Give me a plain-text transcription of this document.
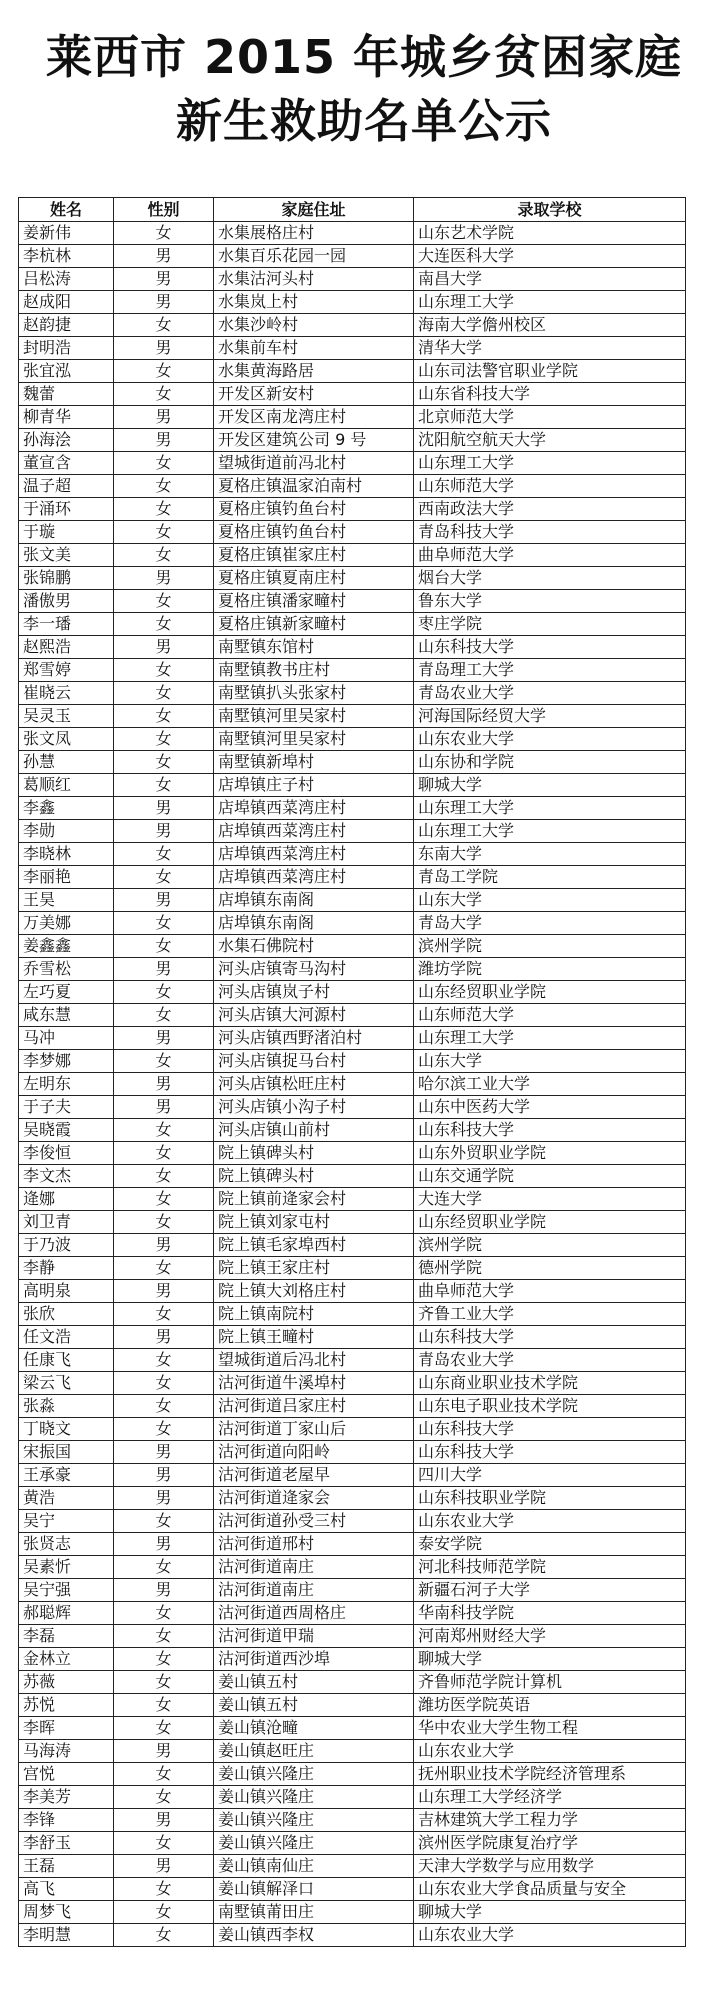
莱西市 2015 年城乡贫困家庭
新生救助名单公示
姓名	性别	家庭住址	录取学校
姜新伟	女	水集展格庄村	山东艺术学院
李杭林	男	水集百乐花园一园	大连医科大学
吕松涛	男	水集沽河头村	南昌大学
赵成阳	男	水集岚上村	山东理工大学
赵韵捷	女	水集沙岭村	海南大学儋州校区
封明浩	男	水集前车村	清华大学
张宜泓	女	水集黄海路居	山东司法警官职业学院
魏蕾	女	开发区新安村	山东省科技大学
柳青华	男	开发区南龙湾庄村	北京师范大学
孙海浍	男	开发区建筑公司 9 号	沈阳航空航天大学
董宣含	女	望城街道前冯北村	山东理工大学
温子超	女	夏格庄镇温家泊南村	山东师范大学
于涌环	女	夏格庄镇钓鱼台村	西南政法大学
于璇	女	夏格庄镇钓鱼台村	青岛科技大学
张文美	女	夏格庄镇崔家庄村	曲阜师范大学
张锦鹏	男	夏格庄镇夏南庄村	烟台大学
潘傲男	女	夏格庄镇潘家疃村	鲁东大学
李一璠	女	夏格庄镇新家疃村	枣庄学院
赵熙浩	男	南墅镇东馆村	山东科技大学
郑雪婷	女	南墅镇教书庄村	青岛理工大学
崔晓云	女	南墅镇扒头张家村	青岛农业大学
吴灵玉	女	南墅镇河里吴家村	河海国际经贸大学
张文凤	女	南墅镇河里吴家村	山东农业大学
孙慧	女	南墅镇新埠村	山东协和学院
葛顺红	女	店埠镇庄子村	聊城大学
李鑫	男	店埠镇西菜湾庄村	山东理工大学
李勋	男	店埠镇西菜湾庄村	山东理工大学
李晓林	女	店埠镇西菜湾庄村	东南大学
李丽艳	女	店埠镇西菜湾庄村	青岛工学院
王昊	男	店埠镇东南阁	山东大学
万美娜	女	店埠镇东南阁	青岛大学
姜鑫鑫	女	水集石佛院村	滨州学院
乔雪松	男	河头店镇寄马沟村	潍坊学院
左巧夏	女	河头店镇岚子村	山东经贸职业学院
咸东慧	女	河头店镇大河源村	山东师范大学
马冲	男	河头店镇西野渚泊村	山东理工大学
李梦娜	女	河头店镇捉马台村	山东大学
左明东	男	河头店镇松旺庄村	哈尔滨工业大学
于子夫	男	河头店镇小沟子村	山东中医药大学
吴晓霞	女	河头店镇山前村	山东科技大学
李俊恒	女	院上镇碑头村	山东外贸职业学院
李文杰	女	院上镇碑头村	山东交通学院
逄娜	女	院上镇前逄家会村	大连大学
刘卫青	女	院上镇刘家屯村	山东经贸职业学院
于乃波	男	院上镇毛家埠西村	滨州学院
李静	女	院上镇王家庄村	德州学院
高明泉	男	院上镇大刘格庄村	曲阜师范大学
张欣	女	院上镇南院村	齐鲁工业大学
任文浩	男	院上镇王疃村	山东科技大学
任康飞	女	望城街道后冯北村	青岛农业大学
梁云飞	女	沽河街道牛溪埠村	山东商业职业技术学院
张淼	女	沽河街道吕家庄村	山东电子职业技术学院
丁晓文	女	沽河街道丁家山后	山东科技大学
宋振国	男	沽河街道向阳岭	山东科技大学
王承豪	男	沽河街道老屋早	四川大学
黄浩	男	沽河街道逄家会	山东科技职业学院
吴宁	女	沽河街道孙受三村	山东农业大学
张贤志	男	沽河街道邢村	泰安学院
吴素忻	女	沽河街道南庄	河北科技师范学院
吴宁强	男	沽河街道南庄	新疆石河子大学
郝聪辉	女	沽河街道西周格庄	华南科技学院
李磊	女	沽河街道甲瑞	河南郑州财经大学
金林立	女	沽河街道西沙埠	聊城大学
苏薇	女	姜山镇五村	齐鲁师范学院计算机
苏悦	女	姜山镇五村	潍坊医学院英语
李晖	女	姜山镇沧疃	华中农业大学生物工程
马海涛	男	姜山镇赵旺庄	山东农业大学
宫悦	女	姜山镇兴隆庄	抚州职业技术学院经济管理系
李美芳	女	姜山镇兴隆庄	山东理工大学经济学
李锋	男	姜山镇兴隆庄	吉林建筑大学工程力学
李舒玉	女	姜山镇兴隆庄	滨州医学院康复治疗学
王磊	男	姜山镇南仙庄	天津大学数学与应用数学
高飞	女	姜山镇解泽口	山东农业大学食品质量与安全
周梦飞	女	南墅镇莆田庄	聊城大学
李明慧	女	姜山镇西李权	山东农业大学
